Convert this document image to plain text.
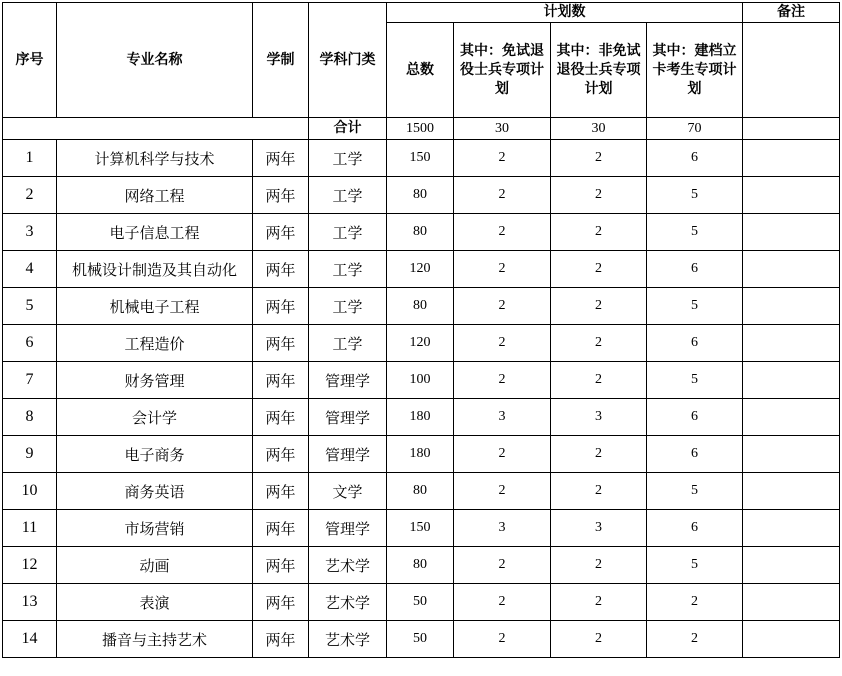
序号	专业名称	学制	学科门类	计划数				备注
				总数	其中：免试退役士兵专项计划	其中：非免试退役士兵专项计划	其中：建档立卡考生专项计划	
			合计	1500	30	30	70	
1	计算机科学与技术	两年	工学	150	2	2	6	
2	网络工程	两年	工学	80	2	2	5	
3	电子信息工程	两年	工学	80	2	2	5	
4	机械设计制造及其自动化	两年	工学	120	2	2	6	
5	机械电子工程	两年	工学	80	2	2	5	
6	工程造价	两年	工学	120	2	2	6	
7	财务管理	两年	管理学	100	2	2	5	
8	会计学	两年	管理学	180	3	3	6	
9	电子商务	两年	管理学	180	2	2	6	
10	商务英语	两年	文学	80	2	2	5	
11	市场营销	两年	管理学	150	3	3	6	
12	动画	两年	艺术学	80	2	2	5	
13	表演	两年	艺术学	50	2	2	2	
14	播音与主持艺术	两年	艺术学	50	2	2	2	
